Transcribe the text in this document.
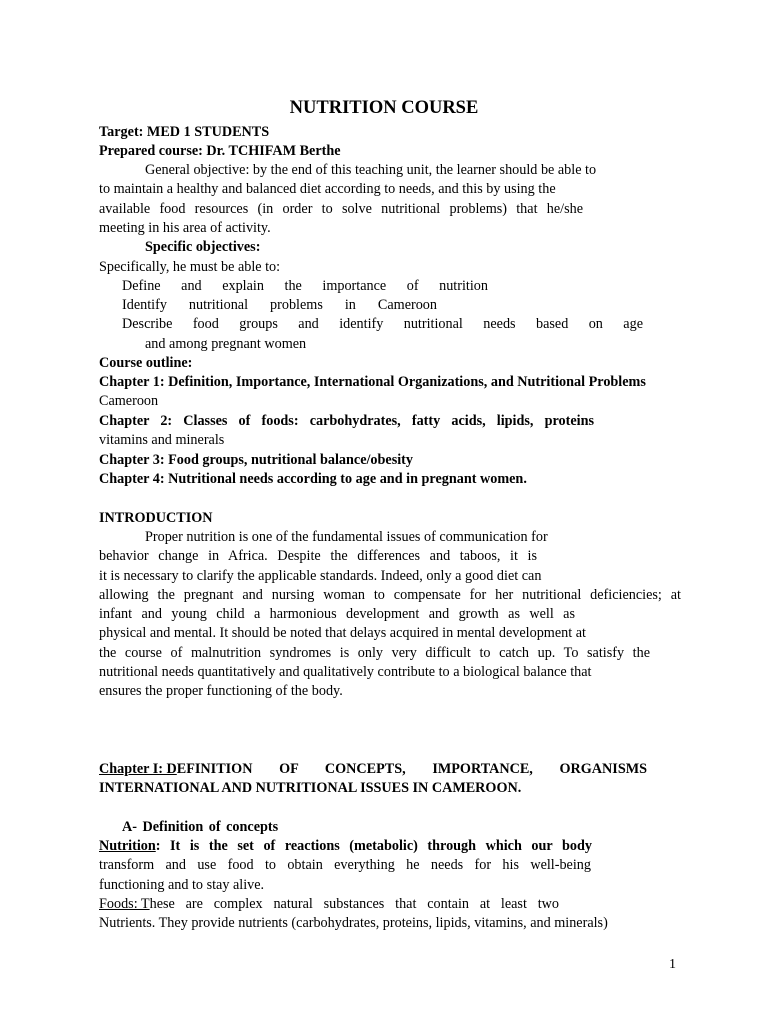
NUTRITION COURSE
Target: MED 1 STUDENTS
Prepared course: Dr. TCHIFAM Berthe
General objective: by the end of this teaching unit, the learner should be able to
to maintain a healthy and balanced diet according to needs, and this by using the
available food resources (in order to solve nutritional problems) that he/she
meeting in his area of activity.
Specific objectives:
Specifically, he must be able to:
Define and explain the importance of nutrition
Identify nutritional problems in Cameroon
Describe food groups and identify nutritional needs based on age
and among pregnant women
Course outline:
Chapter 1: Definition, Importance, International Organizations, and Nutritional Problems
Cameroon
Chapter 2: Classes of foods: carbohydrates, fatty acids, lipids, proteins
vitamins and minerals
Chapter 3: Food groups, nutritional balance/obesity
Chapter 4: Nutritional needs according to age and in pregnant women.
INTRODUCTION
Proper nutrition is one of the fundamental issues of communication for
behavior change in Africa. Despite the differences and taboos, it is
it is necessary to clarify the applicable standards. Indeed, only a good diet can
allowing the pregnant and nursing woman to compensate for her nutritional deficiencies; at
infant and young child a harmonious development and growth as well as
physical and mental. It should be noted that delays acquired in mental development at
the course of malnutrition syndromes is only very difficult to catch up. To satisfy the
nutritional needs quantitatively and qualitatively contribute to a biological balance that
ensures the proper functioning of the body.
Chapter I: D EFINITION OF CONCEPTS, IMPORTANCE, ORGANISMS
INTERNATIONAL AND NUTRITIONAL ISSUES IN CAMEROON.
A- Definition of concepts
Nutrition : It is the set of reactions (metabolic) through which our body
transform and use food to obtain everything he needs for his well-being
functioning and to stay alive.
Foods: T hese are complex natural substances that contain at least two
Nutrients. They provide nutrients (carbohydrates, proteins, lipids, vitamins, and minerals)
1
